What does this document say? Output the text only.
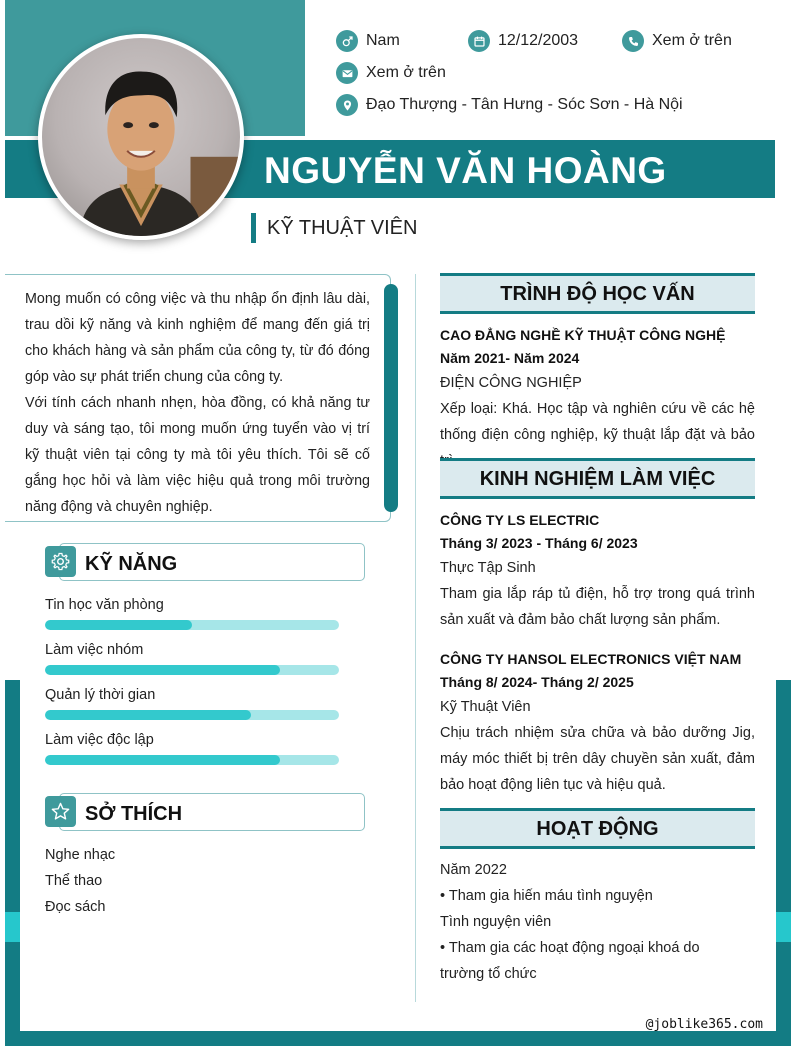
NGUYỄN VĂN HOÀNG
KỸ THUẬT VIÊN
Nam	12/12/2003	Xem ở trên
Xem ở trên
Đạo Thượng - Tân Hưng - Sóc Sơn - Hà Nội

Mong muốn có công việc và thu nhập ổn định lâu dài, trau dồi kỹ năng và kinh nghiệm để mang đến giá trị cho khách hàng và sản phẩm của công ty, từ đó đóng góp vào sự phát triển chung của công ty.

Với tính cách nhanh nhẹn, hòa đồng, có khả năng tư duy và sáng tạo, tôi mong muốn ứng tuyển vào vị trí kỹ thuật viên tại công ty mà tôi yêu thích. Tôi sẽ cố gắng học hỏi và làm việc hiệu quả trong môi trường năng động và chuyên nghiệp.

KỸ NĂNG
Tin học văn phòng
Làm việc nhóm
Quản lý thời gian
Làm việc độc lập
SỞ THÍCH
Nghe nhạc
Thể thao
Đọc sách
TRÌNH ĐỘ HỌC VẤN
CAO ĐẲNG NGHỀ KỸ THUẬT CÔNG NGHỆ
Năm 2021- Năm 2024
ĐIỆN CÔNG NGHIỆP
Xếp loại: Khá. Học tập và nghiên cứu về các hệ thống điện công nghiệp, kỹ thuật lắp đặt và bảo
KINH NGHIỆM LÀM VIỆC
CÔNG TY LS ELECTRIC
Tháng 3/ 2023 - Tháng 6/ 2023
Thực Tập Sinh
Tham gia lắp ráp tủ điện, hỗ trợ trong quá trình sản xuất và đảm bảo chất lượng sản phẩm.
CÔNG TY HANSOL ELECTRONICS VIỆT NAM
Tháng 8/ 2024- Tháng 2/ 2025
Kỹ Thuật Viên
Chịu trách nhiệm sửa chữa và bảo dưỡng Jig, máy móc thiết bị trên dây chuyền sản xuất, đảm bảo hoạt động liên tục và hiệu quả.
HOẠT ĐỘNG
Năm 2022
• Tham gia hiến máu tình nguyện
Tình nguyện viên
• Tham gia các hoạt động ngoại khoá do trường tổ chức
@joblike365.com
